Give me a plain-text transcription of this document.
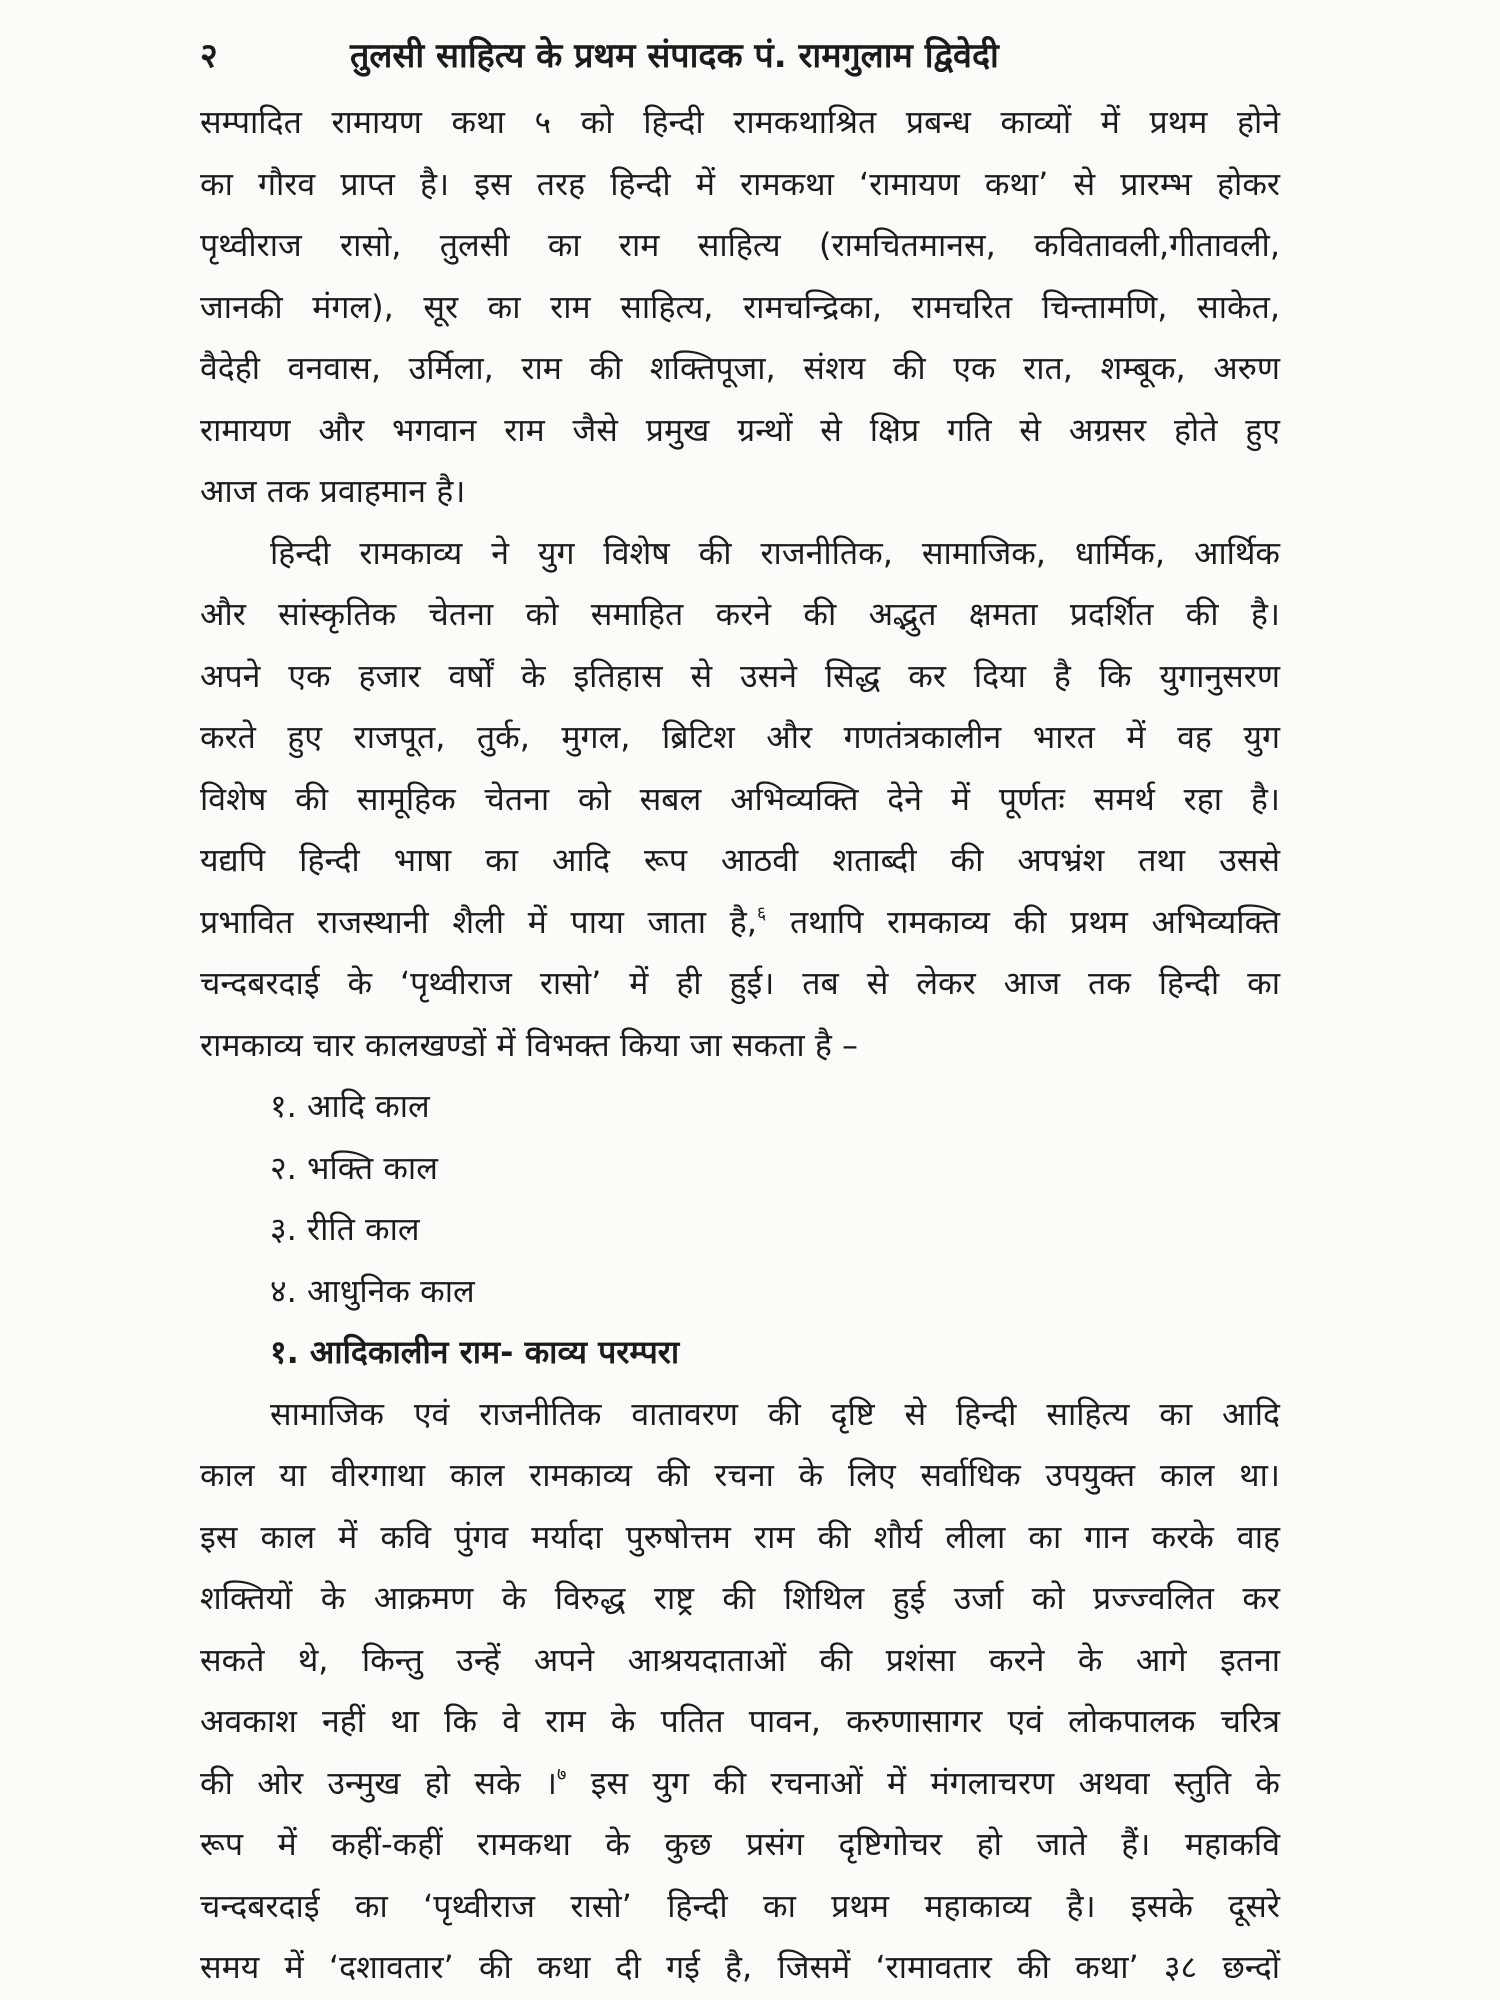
२	तुलसी साहित्य के प्रथम संपादक पं. रामगुलाम द्विवेदी
सम्पादित रामायण कथा ५ को हिन्दी रामकथाश्रित प्रबन्ध काव्यों में प्रथम होने
का गौरव प्राप्त है। इस तरह हिन्दी में रामकथा ‘रामायण कथा’ से प्रारम्भ होकर
पृथ्वीराज रासो, तुलसी का राम साहित्य (रामचितमानस, कवितावली,गीतावली,
जानकी मंगल), सूर का राम साहित्य, रामचन्द्रिका, रामचरित चिन्तामणि, साकेत,
वैदेही वनवास, उर्मिला, राम की शक्तिपूजा, संशय की एक रात, शम्बूक, अरुण
रामायण और भगवान राम जैसे प्रमुख ग्रन्थों से क्षिप्र गति से अग्रसर होते हुए
आज तक प्रवाहमान है।
हिन्दी रामकाव्य ने युग विशेष की राजनीतिक, सामाजिक, धार्मिक, आर्थिक
और सांस्कृतिक चेतना को समाहित करने की अद्भुत क्षमता प्रदर्शित की है।
अपने एक हजार वर्षों के इतिहास से उसने सिद्ध कर दिया है कि युगानुसरण
करते हुए राजपूत, तुर्क, मुगल, ब्रिटिश और गणतंत्रकालीन भारत में वह युग
विशेष की सामूहिक चेतना को सबल अभिव्यक्ति देने में पूर्णतः समर्थ रहा है।
यद्यपि हिन्दी भाषा का आदि रूप आठवी शताब्दी की अपभ्रंश तथा उससे
प्रभावित राजस्थानी शैली में पाया जाता है,$^६$ तथापि रामकाव्य की प्रथम अभिव्यक्ति
चन्दबरदाई के ‘पृथ्वीराज रासो’ में ही हुई। तब से लेकर आज तक हिन्दी का
रामकाव्य चार कालखण्डों में विभक्त किया जा सकता है –
१. आदि काल
२. भक्ति काल
३. रीति काल
४. आधुनिक काल
१. आदिकालीन राम- काव्य परम्परा
सामाजिक एवं राजनीतिक वातावरण की दृष्टि से हिन्दी साहित्य का आदि
काल या वीरगाथा काल रामकाव्य की रचना के लिए सर्वाधिक उपयुक्त काल था।
इस काल में कवि पुंगव मर्यादा पुरुषोत्तम राम की शौर्य लीला का गान करके वाह
शक्तियों के आक्रमण के विरुद्ध राष्ट्र की शिथिल हुई उर्जा को प्रज्ज्वलित कर
सकते थे, किन्तु उन्हें अपने आश्रयदाताओं की प्रशंसा करने के आगे इतना
अवकाश नहीं था कि वे राम के पतित पावन, करुणासागर एवं लोकपालक चरित्र
की ओर उन्मुख हो सके ।$^७$ इस युग की रचनाओं में मंगलाचरण अथवा स्तुति के
रूप में कहीं-कहीं रामकथा के कुछ प्रसंग दृष्टिगोचर हो जाते हैं। महाकवि
चन्दबरदाई का ‘पृथ्वीराज रासो’ हिन्दी का प्रथम महाकाव्य है। इसके दूसरे
समय में ‘दशावतार’ की कथा दी गई है, जिसमें ‘रामावतार की कथा’ ३८ छन्दों
